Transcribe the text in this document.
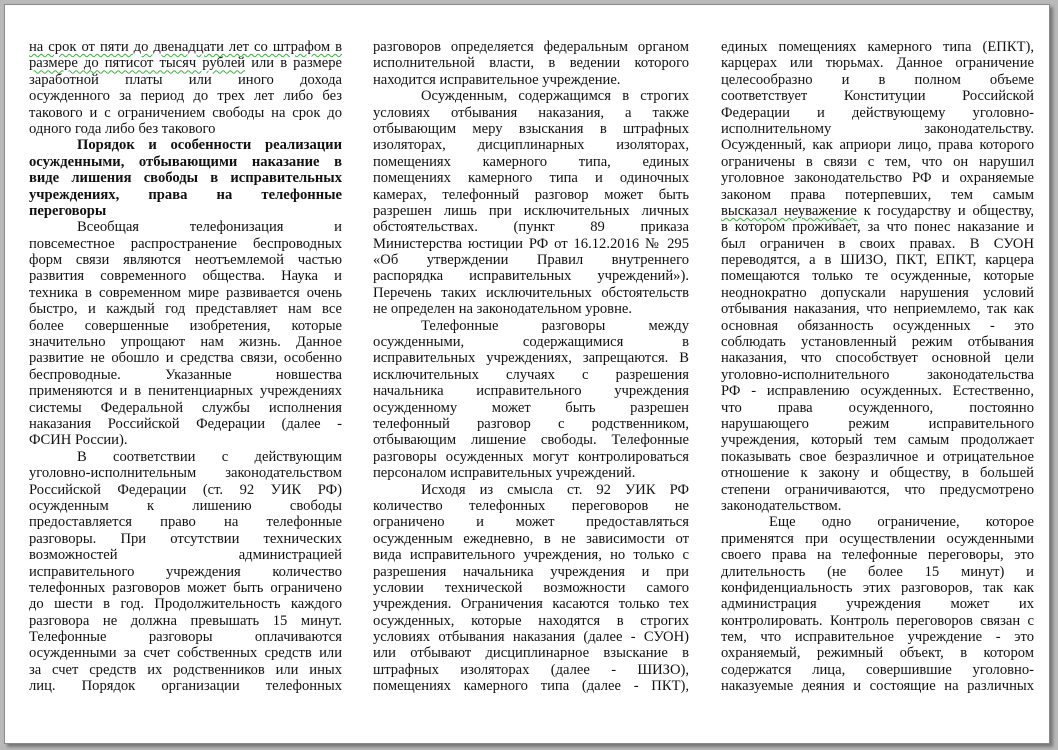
на срок от пяти до двенадцати лет со штрафом в
размере до пятисот тысяч рублей или в размере
заработной платы или иного дохода
осужденного за период до трех лет либо без
такового и с ограничением свободы на срок до
одного года либо без такового
Порядок и особенности реализации
осужденными, отбывающими наказание в
виде лишения свободы в исправительных
учреждениях, права на телефонные
переговоры
Всеобщая телефонизация и
повсеместное распространение беспроводных
форм связи являются неотъемлемой частью
развития современного общества. Наука и
техника в современном мире развивается очень
быстро, и каждый год представляет нам все
более совершенные изобретения, которые
значительно упрощают нам жизнь. Данное
развитие не обошло и средства связи, особенно
беспроводные. Указанные новшества
применяются и в пенитенциарных учреждениях
системы Федеральной службы исполнения
наказания Российской Федерации (далее -
ФСИН России).
В соответствии с действующим
уголовно-исполнительным законодательством
Российской Федерации (ст. 92 УИК РФ)
осужденным к лишению свободы
предоставляется право на телефонные
разговоры. При отсутствии технических
возможностей администрацией
исправительного учреждения количество
телефонных разговоров может быть ограничено
до шести в год. Продолжительность каждого
разговора не должна превышать 15 минут.
Телефонные разговоры оплачиваются
осужденными за счет собственных средств или
за счет средств их родственников или иных
лиц. Порядок организации телефонных
разговоров определяется федеральным органом
исполнительной власти, в ведении которого
находится исправительное учреждение.
Осужденным, содержащимся в строгих
условиях отбывания наказания, а также
отбывающим меру взыскания в штрафных
изоляторах, дисциплинарных изоляторах,
помещениях камерного типа, единых
помещениях камерного типа и одиночных
камерах, телефонный разговор может быть
разрешен лишь при исключительных личных
обстоятельствах. (пункт 89 приказа
Министерства юстиции РФ от 16.12.2016 № 295
«Об утверждении Правил внутреннего
распорядка исправительных учреждений»).
Перечень таких исключительных обстоятельств
не определен на законодательном уровне.
Телефонные разговоры между
осужденными, содержащимися в
исправительных учреждениях, запрещаются. В
исключительных случаях с разрешения
начальника исправительного учреждения
осужденному может быть разрешен
телефонный разговор с родственником,
отбывающим лишение свободы. Телефонные
разговоры осужденных могут контролироваться
персоналом исправительных учреждений.
Исходя из смысла ст. 92 УИК РФ
количество телефонных переговоров не
ограничено и может предоставляться
осужденным ежедневно, в не зависимости от
вида исправительного учреждения, но только с
разрешения начальника учреждения и при
условии технической возможности самого
учреждения. Ограничения касаются только тех
осужденных, которые находятся в строгих
условиях отбывания наказания (далее - СУОН)
или отбывают дисциплинарное взыскание в
штрафных изоляторах (далее - ШИЗО),
помещениях камерного типа (далее - ПКТ),
единых помещениях камерного типа (ЕПКТ),
карцерах или тюрьмах. Данное ограничение
целесообразно и в полном объеме
соответствует Конституции Российской
Федерации и действующему уголовно-
исполнительному законодательству.
Осужденный, как априори лицо, права которого
ограничены в связи с тем, что он нарушил
уголовное законодательство РФ и охраняемые
законом права потерпевших, тем самым
высказал неуважение к государству и обществу,
в котором проживает, за что понес наказание и
был ограничен в своих правах. В СУОН
переводятся, а в ШИЗО, ПКТ, ЕПКТ, карцера
помещаются только те осужденные, которые
неоднократно допускали нарушения условий
отбывания наказания, что неприемлемо, так как
основная обязанность осужденных - это
соблюдать установленный режим отбывания
наказания, что способствует основной цели
уголовно-исполнительного законодательства
РФ - исправлению осужденных. Естественно,
что права осужденного, постоянно
нарушающего режим исправительного
учреждения, который тем самым продолжает
показывать свое безразличное и отрицательное
отношение к закону и обществу, в большей
степени ограничиваются, что предусмотрено
законодательством.
Еще одно ограничение, которое
применятся при осуществлении осужденными
своего права на телефонные переговоры, это
длительность (не более 15 минут) и
конфиденциальность этих разговоров, так как
администрация учреждения может их
контролировать. Контроль переговоров связан с
тем, что исправительное учреждение - это
охраняемый, режимный объект, в котором
содержатся лица, совершившие уголовно-
наказуемые деяния и состоящие на различных
